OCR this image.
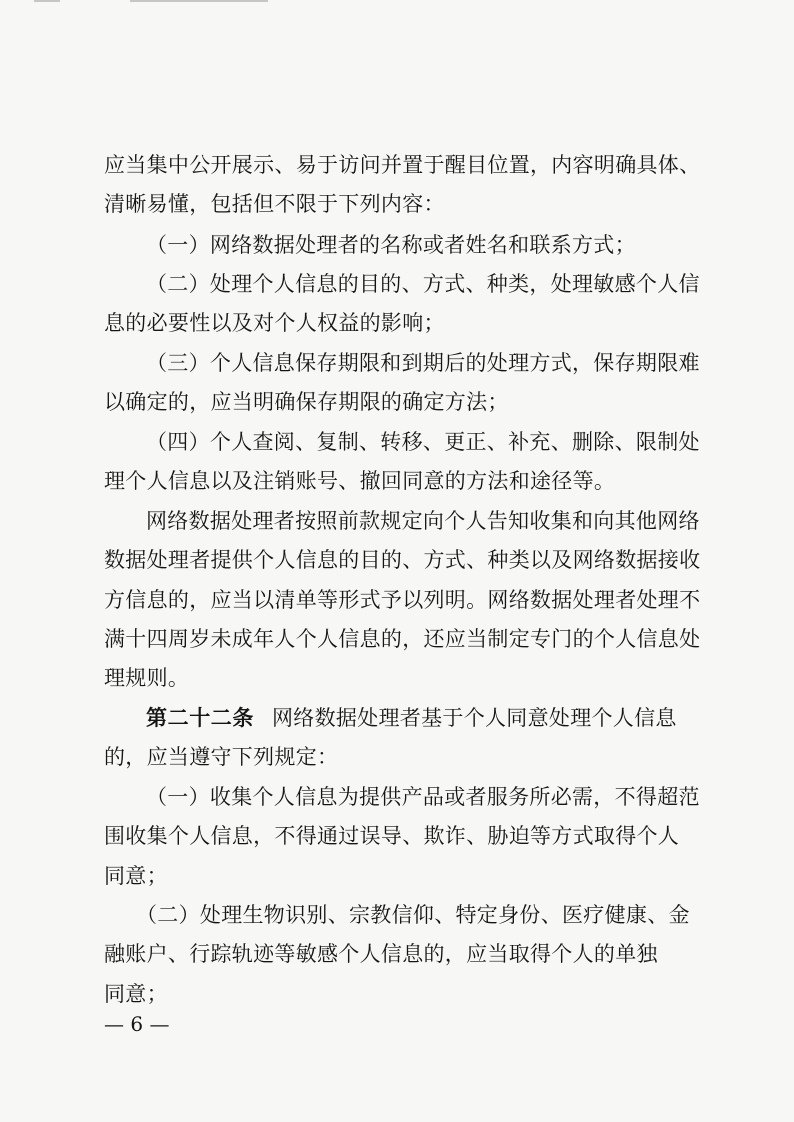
应当集中公开展示、易于访问并置于醒目位置，内容明确具体、
清晰易懂，包括但不限于下列内容：
（一）网络数据处理者的名称或者姓名和联系方式；
（二）处理个人信息的目的、方式、种类，处理敏感个人信
息的必要性以及对个人权益的影响；
（三）个人信息保存期限和到期后的处理方式，保存期限难
以确定的，应当明确保存期限的确定方法；
（四）个人查阅、复制、转移、更正、补充、删除、限制处
理个人信息以及注销账号、撤回同意的方法和途径等。
网络数据处理者按照前款规定向个人告知收集和向其他网络
数据处理者提供个人信息的目的、方式、种类以及网络数据接收
方信息的，应当以清单等形式予以列明。网络数据处理者处理不
满十四周岁未成年人个人信息的，还应当制定专门的个人信息处
理规则。
第二十二条 网络数据处理者基于个人同意处理个人信息
的，应当遵守下列规定：
（一）收集个人信息为提供产品或者服务所必需，不得超范
围收集个人信息，不得通过误导、欺诈、胁迫等方式取得个人
同意；
（二）处理生物识别、宗教信仰、特定身份、医疗健康、金
融账户、行踪轨迹等敏感个人信息的，应当取得个人的单独
同意；
— 6 —
